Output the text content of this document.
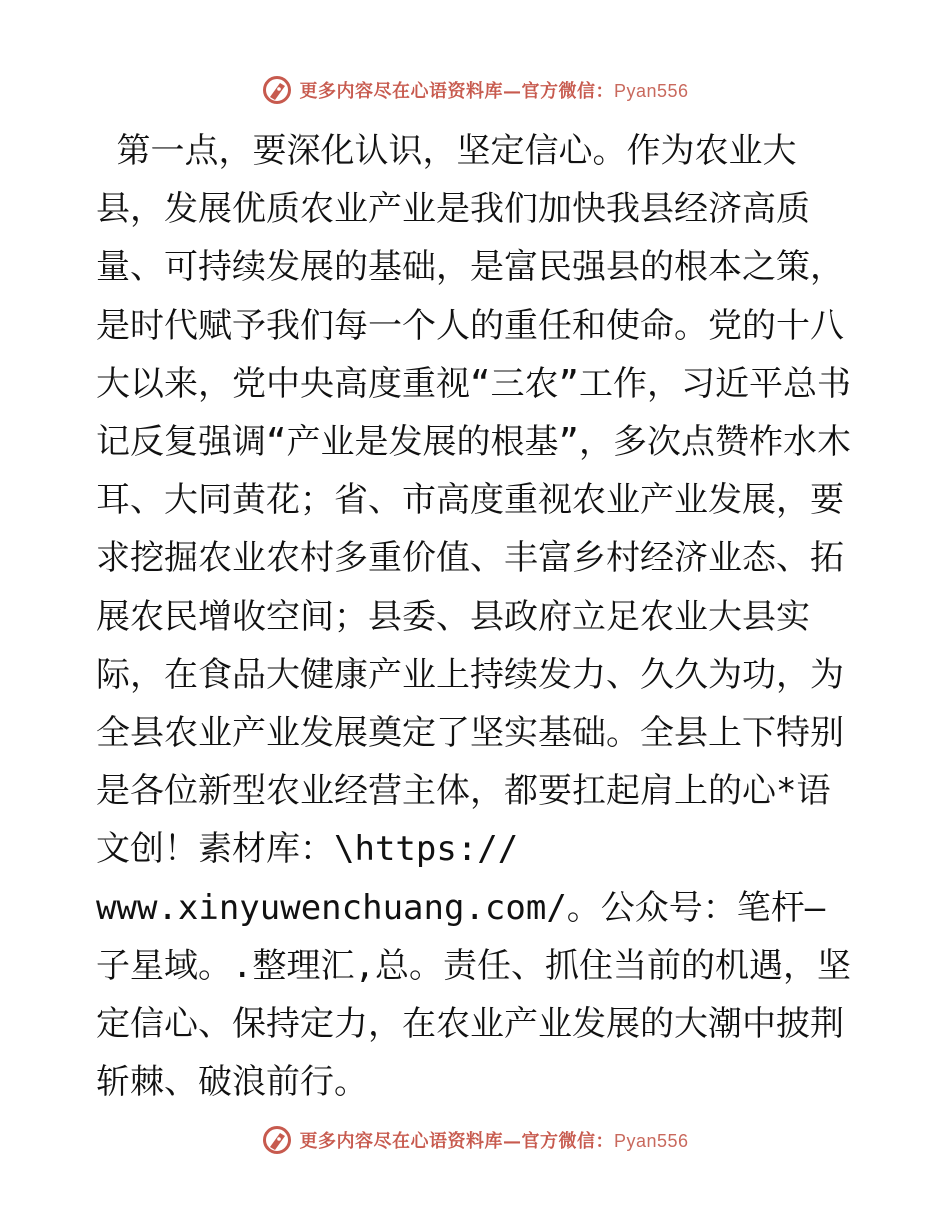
更多内容尽在心语资料库—官方微信：Pyan556

第一点，要深化认识，坚定信心。作为农业大县，发展优质农业产业是我们加快我县经济高质量、可持续发展的基础，是富民强县的根本之策，是时代赋予我们每一个人的重任和使命。党的十八大以来，党中央高度重视“三农”工作，习近平总书记反复强调“产业是发展的根基”，多次点赞柞水木耳、大同黄花；省、市高度重视农业产业发展，要求挖掘农业农村多重价值、丰富乡村经济业态、拓展农民增收空间；县委、县政府立足农业大县实际，在食品大健康产业上持续发力、久久为功，为全县农业产业发展奠定了坚实基础。全县上下特别是各位新型农业经营主体，都要扛起肩上的心*语文创！素材库：\https://
www.xinyuwenchuang.com/。公众号：笔杆—子星域。.整理汇,总。责任、抓住当前的机遇，坚定信心、保持定力，在农业产业发展的大潮中披荆斩棘、破浪前行。

更多内容尽在心语资料库—官方微信：Pyan556
